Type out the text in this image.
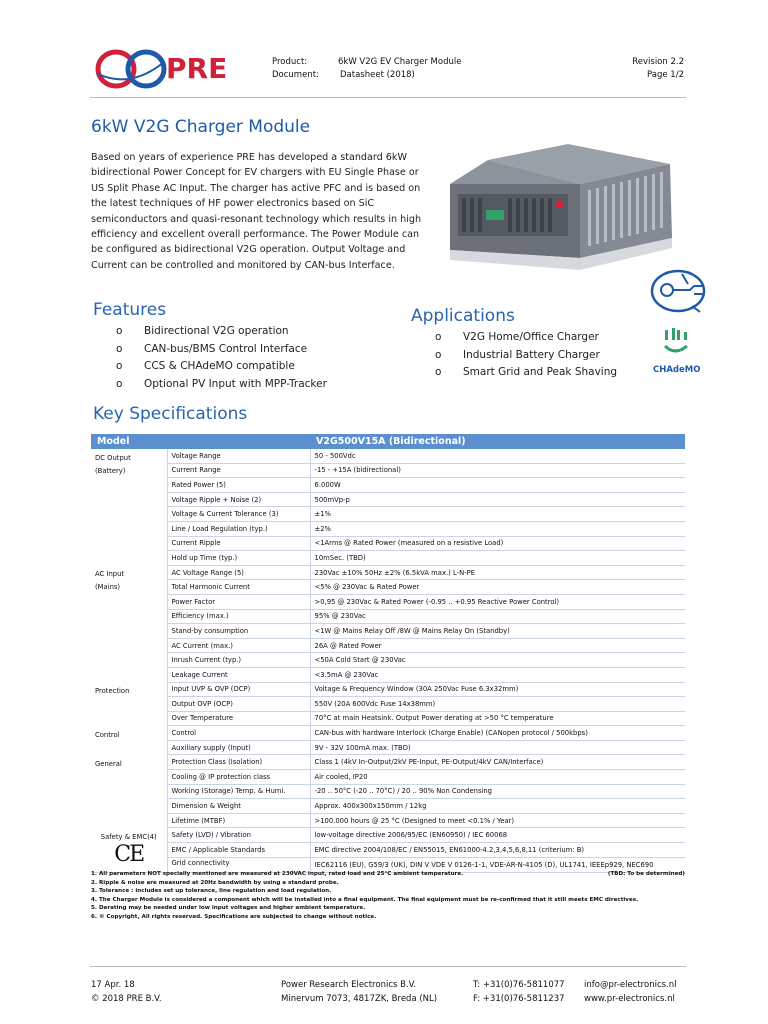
PRE	Product:	6kW V2G EV Charger Module
Document: Datasheet (2018)
Revision 2.2
Page 1/2
6kW V2G Charger Module
Based on years of experience PRE has developed a standard 6kW bidirectional Power Concept for EV chargers with EU Single Phase or US Split Phase AC Input. The charger has active PFC and is based on the latest techniques of HF power electronics based on SiC semiconductors and quasi-resonant technology which results in high efficiency and excellent overall performance. The Power Module can be configured as bidirectional V2G operation. Output Voltage and Current can be controlled and monitored by CAN-bus Interface.
Features
o Bidirectional V2G operation
o CAN-bus/BMS Control Interface
o CCS & CHAdeMO compatible
o Optional PV Input with MPP-Tracker
Applications
o V2G Home/Office Charger
o Industrial Battery Charger
o Smart Grid and Peak Shaving	CHAdeMO
Key Specifications
Model		V2G500V15A (Bidirectional)
DC Output
(Battery)	Voltage Range	50 - 500Vdc
	Current Range	-15 - +15A (bidirectional)
	Rated Power (5)	6.000W
	Voltage Ripple + Noise (2)	500mVp-p
	Voltage & Current Tolerance (3)	±1%
	Line / Load Regulation (typ.)	±2%
	Current Ripple	<1Arms @ Rated Power (measured on a resistive Load)
	Hold up Time (typ.)	10mSec. (TBD)
AC Input
(Mains)	AC Voltage Range (5)	230Vac ±10% 50Hz ±2% (6.5kVA max.) L-N-PE
	Total Harmonic Current	<5% @ 230Vac & Rated Power
	Power Factor	>0,95 @ 230Vac & Rated Power (-0.95 .. +0.95 Reactive Power Control)
	Efficiency (max.)	95% @ 230Vac
	Stand-by consumption	<1W @ Mains Relay Off /8W @ Mains Relay On (Standby)
	AC Current (max.)	26A @ Rated Power
	Inrush Current (typ.)	<50A Cold Start @ 230Vac
	Leakage Current	<3.5mA @ 230Vac
Protection	Input UVP & OVP (OCP)	Voltage & Frequency Window (30A 250Vac Fuse 6.3x32mm)
	Output OVP (OCP)	550V (20A 600Vdc Fuse 14x38mm)
	Over Temperature	70°C at main Heatsink. Output Power derating at >50 °C temperature
Control	Control	CAN-bus with hardware Interlock (Charge Enable) (CANopen protocol / 500kbps)
	Auxiliary supply (Input)	9V - 32V 100mA max. (TBD)
General	Protection Class (Isolation)	Class 1 (4kV In-Output/2kV PE-Input, PE-Output/4kV CAN/Interface)
	Cooling @ IP protection class	Air cooled, IP20
	Working (Storage) Temp. & Humi.	-20 .. 50°C (-20 .. 70°C) / 20 .. 90% Non Condensing
	Dimension & Weight	Approx. 400x300x150mm / 12kg
	Lifetime (MTBF)	>100.000 hours @ 25 °C (Designed to meet <0.1% / Year)

Safety & EMC(4)
CE	Safety (LVD) / Vibration	low-voltage directive 2006/95/EC (EN60950) / IEC 60068
	EMC / Applicable Standards	EMC directive 2004/108/EC / EN55015, EN61000-4.2,3,4,5,6,8,11 (criterium: B)
	Grid connectivity	IEC62116 (EU), G59/3 (UK), DIN V VDE V 0126-1-1, VDE-AR-N-4105 (D), UL1741, IEEEp929, NEC690
1. All parameters NOT specially mentioned are measured at 230VAC input, rated load and 25°C ambient temperature.	(TBD: To be determined)
2. Ripple & noise are measured at 20Hz bandwidth by using a standard probe.
3. Tolerance : includes set up tolerance, line regulation and load regulation.
4. The Charger Module is considered a component which will be installed into a final equipment. The final equipment must be re-confirmed that it still meets EMC directives.
5. Derating may be needed under low input voltages and higher ambient temperature.
6. © Copyright, All rights reserved. Specifications are subjected to change without notice.
17 Apr. 18
© 2018 PRE B.V.
Power Research Electronics B.V.
Minervum 7073, 4817ZK, Breda (NL)
T: +31(0)76-5811077
F: +31(0)76-5811237
info@pr-electronics.nl
www.pr-electronics.nl
